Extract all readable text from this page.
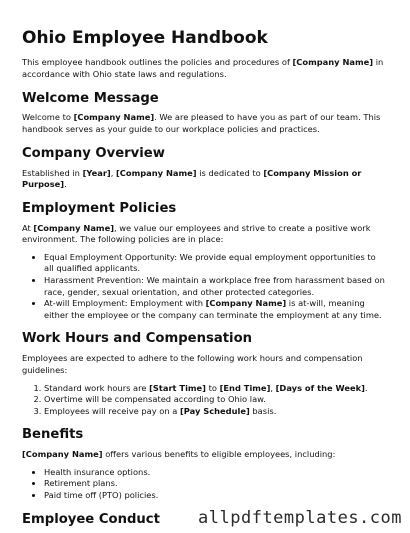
Ohio Employee Handbook

This employee handbook outlines the policies and procedures of [Company Name] in accordance with Ohio state laws and regulations.

Welcome Message

Welcome to [Company Name]. We are pleased to have you as part of our team. This handbook serves as your guide to our workplace policies and practices.

Company Overview

Established in [Year], [Company Name] is dedicated to [Company Mission or Purpose].

Employment Policies

At [Company Name], we value our employees and strive to create a positive work environment. The following policies are in place:

• Equal Employment Opportunity: We provide equal employment opportunities to all qualified applicants.
• Harassment Prevention: We maintain a workplace free from harassment based on race, gender, sexual orientation, and other protected categories.
• At-will Employment: Employment with [Company Name] is at-will, meaning either the employee or the company can terminate the employment at any time.
Work Hours and Compensation

Employees are expected to adhere to the following work hours and compensation guidelines:

1. Standard work hours are [Start Time] to [End Time], [Days of the Week].
2. Overtime will be compensated according to Ohio law.
3. Employees will receive pay on a [Pay Schedule] basis.
Benefits

[Company Name] offers various benefits to eligible employees, including:

• Health insurance options.
• Retirement plans.
• Paid time off (PTO) policies.
Employee Conduct	allpdftemplates.com
